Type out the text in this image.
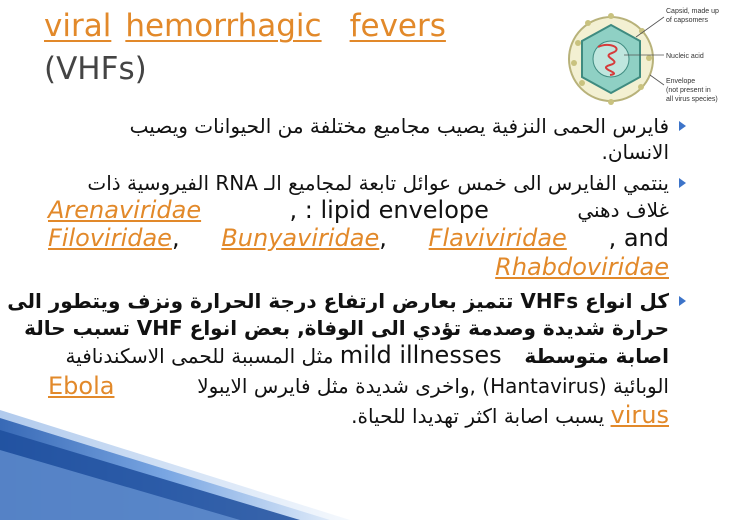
viral hemorrhagic fevers
(VHFs)
Capsid, made up
of capsomers
Nucleic acid
Envelope
(not present in
all virus species)
فايرس الحمى النزفية يصيب مجاميع مختلفة من الحيوانات ويصيب
الانسان.
ينتمي الفايرس الى خمس عوائل تابعة لمجاميع الـ RNA الفيروسية ذات
Arenaviridae	, : lipid envelope	غلاف دهني
Filoviridae, Bunyaviridae, Flaviviridae , and
Rhabdoviridae
كل انواع VHFs تتميز بعارض ارتفاع درجة الحرارة ونزف ويتطور الى
حرارة شديدة وصدمة تؤدي الى الوفاة, بعض انواع VHF تسبب حالة
اصابة متوسطة  mild illnesses مثل المسببة للحمى الاسكندنافية
Ebola	الوبائية (Hantavirus) ,واخرى شديدة مثل فايرس الايبولا
يسبب اصابة اكثر تهديدا للحياة. virus
